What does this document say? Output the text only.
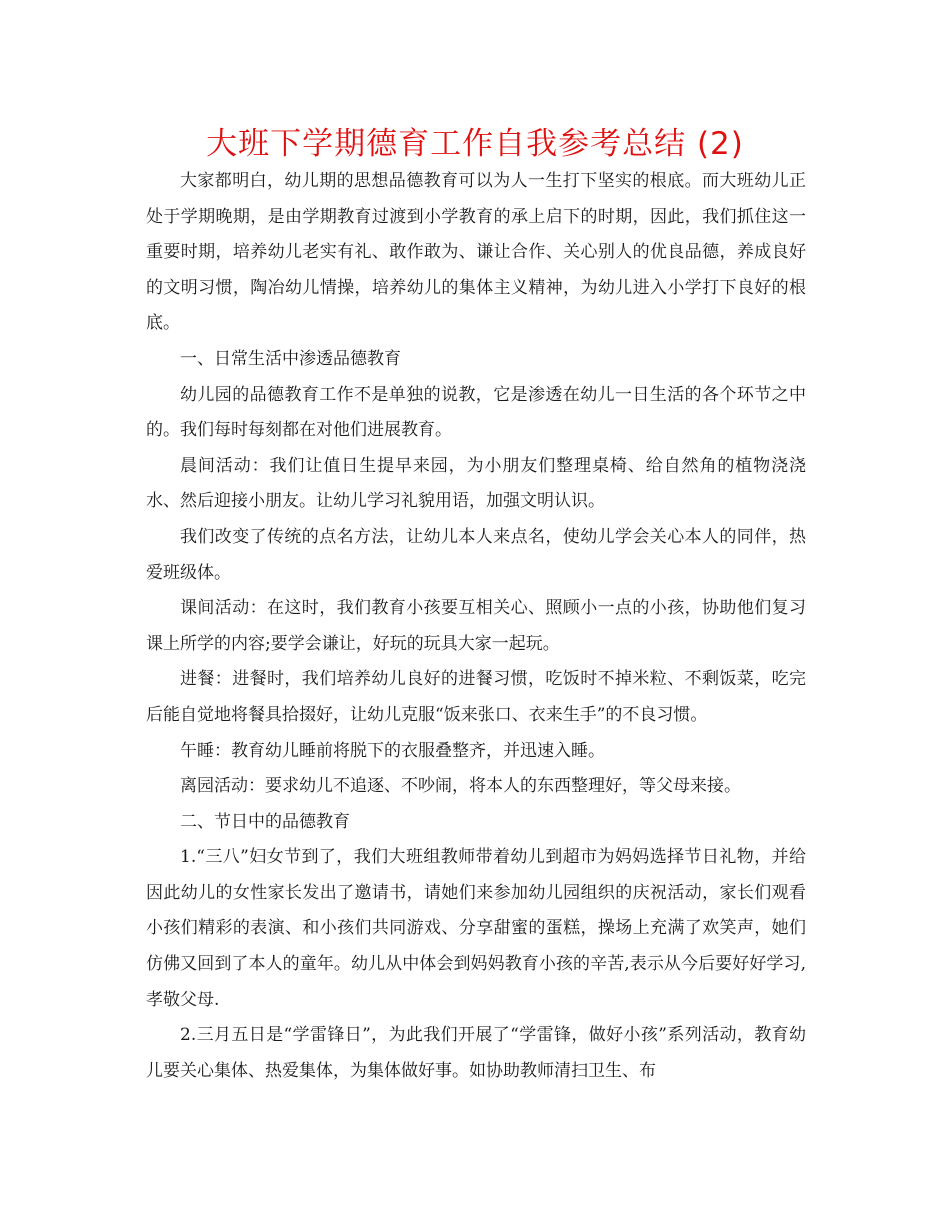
大班下学期德育工作自我参考总结 (2)

大家都明白，幼儿期的思想品德教育可以为人一生打下坚实的根底。而大班幼儿正处于学期晚期，是由学期教育过渡到小学教育的承上启下的时期，因此，我们抓住这一重要时期，培养幼儿老实有礼、敢作敢为、谦让合作、关心别人的优良品德，养成良好的文明习惯，陶冶幼儿情操，培养幼儿的集体主义精神，为幼儿进入小学打下良好的根底。

一、日常生活中渗透品德教育

幼儿园的品德教育工作不是单独的说教，它是渗透在幼儿一日生活的各个环节之中的。我们每时每刻都在对他们进展教育。

晨间活动：我们让值日生提早来园，为小朋友们整理桌椅、给自然角的植物浇浇水、然后迎接小朋友。让幼儿学习礼貌用语，加强文明认识。

我们改变了传统的点名方法，让幼儿本人来点名，使幼儿学会关心本人的同伴，热爱班级体。

课间活动：在这时，我们教育小孩要互相关心、照顾小一点的小孩，协助他们复习课上所学的内容;要学会谦让，好玩的玩具大家一起玩。

进餐：进餐时，我们培养幼儿良好的进餐习惯，吃饭时不掉米粒、不剩饭菜，吃完后能自觉地将餐具拾掇好，让幼儿克服“饭来张口、衣来生手”的不良习惯。

午睡：教育幼儿睡前将脱下的衣服叠整齐，并迅速入睡。

离园活动：要求幼儿不追逐、不吵闹，将本人的东西整理好，等父母来接。

二、节日中的品德教育

1.“三八”妇女节到了，我们大班组教师带着幼儿到超市为妈妈选择节日礼物，并给因此幼儿的女性家长发出了邀请书，请她们来参加幼儿园组织的庆祝活动，家长们观看小孩们精彩的表演、和小孩们共同游戏、分享甜蜜的蛋糕，操场上充满了欢笑声，她们仿佛又回到了本人的童年。幼儿从中体会到妈妈教育小孩的辛苦,表示从今后要好好学习,孝敬父母.

2.三月五日是“学雷锋日”，为此我们开展了“学雷锋，做好小孩”系列活动，教育幼儿要关心集体、热爱集体，为集体做好事。如协助教师清扫卫生、布
